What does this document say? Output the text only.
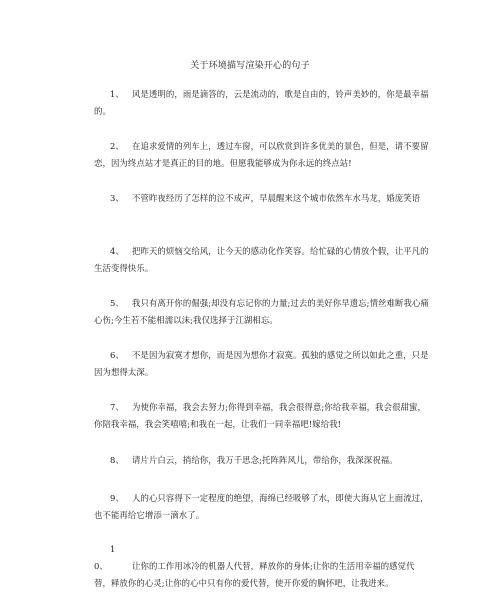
关于环境描写渲染开心的句子
1、 风是透明的，雨是滴答的，云是流动的，歌是自由的，铃声美妙的，你是最幸福的。
2、 在追求爱情的列车上，透过车窗，可以欣赏到许多优美的景色，但是，请不要留恋，因为终点站才是真正的目的地。但愿我能够成为你永远的终点站!
3、 不管昨夜经历了怎样的泣不成声，早晨醒来这个城市依然车水马龙，婚庞笑语
4、 把昨天的烦恼交给风，让今天的感动化作笑容。给忙碌的心情放个假，让平凡的生活变得快乐。
5、 我只有离开你的倔强;却没有忘记你的力量;过去的美好你早遗忘;情丝难断我心痛心伤;今生若不能相濡以沫;我仅选择于江湖相忘。
6、 不是因为寂寞才想你，而是因为想你才寂寞。孤独的感觉之所以如此之重，只是因为想得太深。
7、 为使你幸福，我会去努力;你得到幸福，我会很得意;你给我幸福，我会很甜蜜，你陪我幸福，我会笑嘻嘻;和我在一起，让我们一同幸福吧!嫁给我!
8、 请片片白云，捎给你，我万千思念;托阵阵风儿，带给你，我深深祝福。
9、 人的心只容得下一定程度的绝望，海绵已经吸够了水，即使大海从它上面流过，也不能再给它增添一滴水了。
10、	让你的工作用冰冷的机器人代替，释放你的身体;让你的生活用幸福的感觉代替，释放你的心灵;让你的心中只有你的爱代替，使开你爱的胸怀吧，让我进来。
